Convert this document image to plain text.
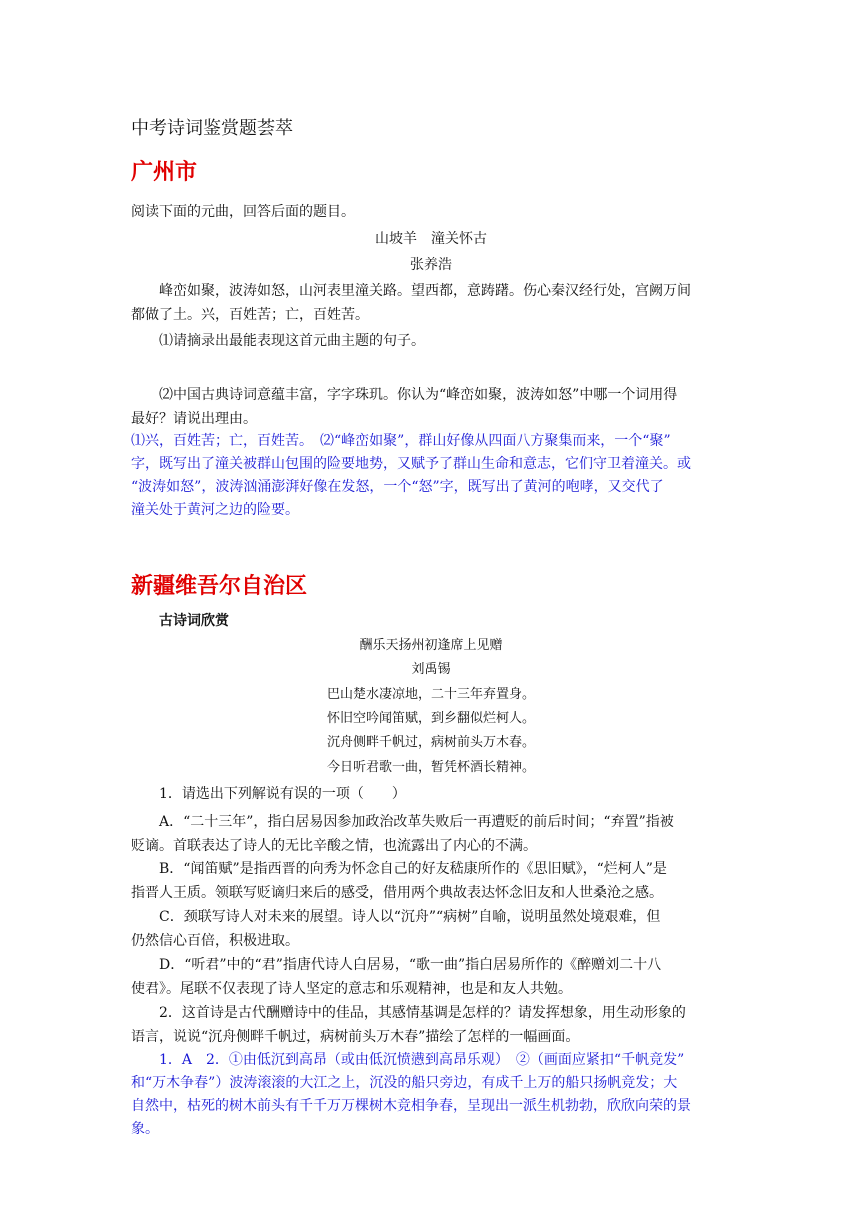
中考诗词鉴赏题荟萃
广州市
阅读下面的元曲，回答后面的题目。
山坡羊　潼关怀古
张养浩
峰峦如聚，波涛如怒，山河表里潼关路。望西都，意踌躇。伤心秦汉经行处，宫阙万间
都做了土。兴，百姓苦；亡，百姓苦。
⑴请摘录出最能表现这首元曲主题的句子。
⑵中国古典诗词意蕴丰富，字字珠玑。你认为“峰峦如聚，波涛如怒”中哪一个词用得
最好？请说出理由。
⑴兴，百姓苦；亡，百姓苦。　⑵“峰峦如聚”，群山好像从四面八方聚集而来，一个“聚”
字，既写出了潼关被群山包围的险要地势，又赋予了群山生命和意志，它们守卫着潼关。或
“波涛如怒”，波涛汹涌澎湃好像在发怒，一个“怒”字，既写出了黄河的咆哮，又交代了
潼关处于黄河之边的险要。
新疆维吾尔自治区
古诗词欣赏
酬乐天扬州初逢席上见赠
刘禹锡
巴山楚水凄凉地，二十三年弃置身。
怀旧空吟闻笛赋，到乡翻似烂柯人。
沉舟侧畔千帆过，病树前头万木春。
今日听君歌一曲，暂凭杯酒长精神。
1．请选出下列解说有误的一项（　　）
A．“二十三年”，指白居易因参加政治改革失败后一再遭贬的前后时间；“弃置”指被
贬谪。首联表达了诗人的无比辛酸之情，也流露出了内心的不满。
B．“闻笛赋”是指西晋的向秀为怀念自己的好友嵇康所作的《思旧赋》，“烂柯人”是
指晋人王质。领联写贬谪归来后的感受，借用两个典故表达怀念旧友和人世桑沧之感。
C．颈联写诗人对未来的展望。诗人以“沉舟”“病树”自喻，说明虽然处境艰难，但
仍然信心百倍，积极进取。
D．“听君”中的“君”指唐代诗人白居易，“歌一曲”指白居易所作的《醉赠刘二十八
使君》。尾联不仅表现了诗人坚定的意志和乐观精神，也是和友人共勉。
2．这首诗是古代酬赠诗中的佳品，其感情基调是怎样的？请发挥想象，用生动形象的
语言，说说“沉舟侧畔千帆过，病树前头万木春”描绘了怎样的一幅画面。
1．A　2．①由低沉到高昂（或由低沉愤懑到高昂乐观）　②（画面应紧扣“千帆竞发”
和“万木争春”）波涛滚滚的大江之上，沉没的船只旁边，有成千上万的船只扬帆竞发；大
自然中，枯死的树木前头有千千万万棵树木竞相争春，呈现出一派生机勃勃，欣欣向荣的景
象。
